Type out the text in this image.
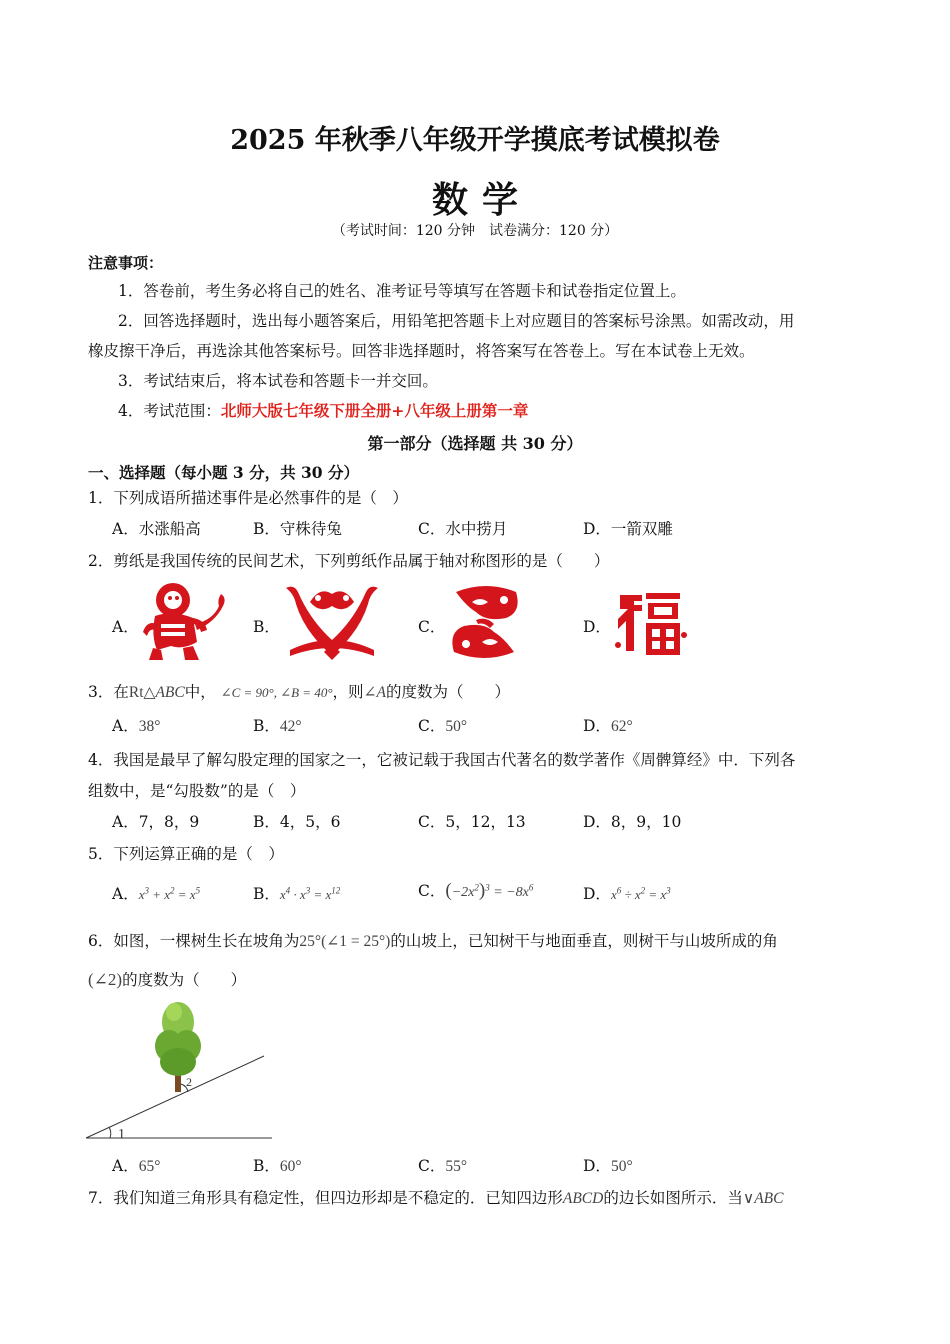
2025 年秋季八年级开学摸底考试模拟卷
数学
（考试时间：120 分钟　试卷满分：120 分）
注意事项：
1．答卷前，考生务必将自己的姓名、准考证号等填写在答题卡和试卷指定位置上。
2．回答选择题时，选出每小题答案后，用铅笔把答题卡上对应题目的答案标号涂黑。如需改动，用
橡皮擦干净后，再选涂其他答案标号。回答非选择题时，将答案写在答卷上。写在本试卷上无效。
3．考试结束后，将本试卷和答题卡一并交回。
4．考试范围：北师大版七年级下册全册+八年级上册第一章
第一部分（选择题 共 30 分）
一、选择题（每小题 3 分，共 30 分）
1．下列成语所描述事件是必然事件的是（　）
A．水涨船高	B．守株待兔	C．水中捞月	D．一箭双雕
2．剪纸是我国传统的民间艺术，下列剪纸作品属于轴对称图形的是（　　）
A．	B．	C．	D．
3．在Rt△ABC中， ∠C = 90°, ∠B = 40°，则∠A的度数为（　　）
A．38°	B．42°	C．50°	D．62°
4．我国是最早了解勾股定理的国家之一，它被记载于我国古代著名的数学著作《周髀算经》中．下列各
组数中，是“勾股数”的是（　）
A．7，8，9	B．4，5，6	C．5，12，13	D．8，9，10
5．下列运算正确的是（　）
A．$x^3 + x^2 = x^5$	B．$x^4 \cdot x^3 = x^{12}$	C．$(-2x^2)^3 = -8x^6$	D．$x^6 \div x^2 = x^3$
6．如图，一棵树生长在坡角为25°(∠1 = 25°)的山坡上，已知树干与地面垂直，则树干与山坡所成的角
(∠2)的度数为（　　）
1
2
A．65°	B．60°	C．55°	D．50°
7．我们知道三角形具有稳定性，但四边形却是不稳定的．已知四边形ABCD的边长如图所示．当∨ABC
